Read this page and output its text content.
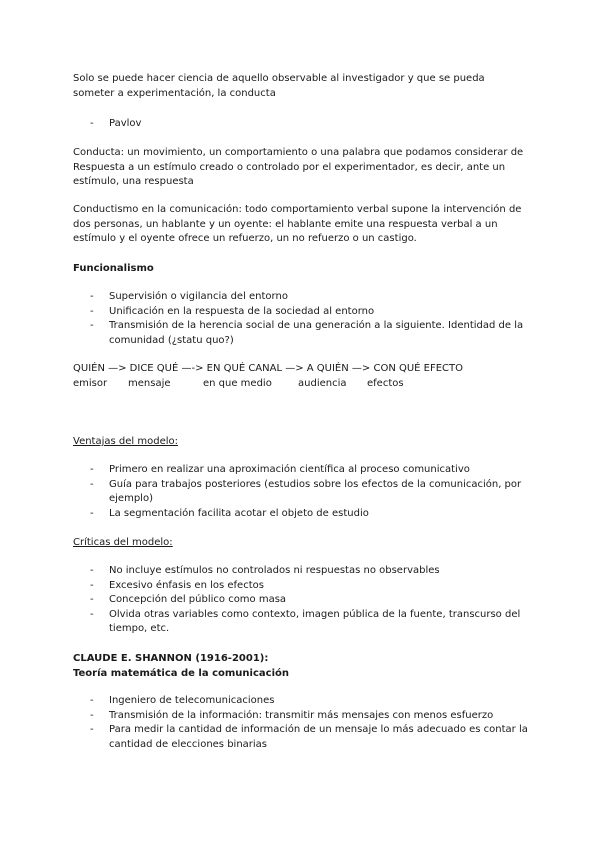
Solo se puede hacer ciencia de aquello observable al investigador y que se pueda someter a experimentación, la conducta

- Pavlov

Conducta: un movimiento, un comportamiento o una palabra que podamos considerar de Respuesta a un estímulo creado o controlado por el experimentador, es decir, ante un estímulo, una respuesta

Conductismo en la comunicación: todo comportamiento verbal supone la intervención de dos personas, un hablante y un oyente: el hablante emite una respuesta verbal a un estímulo y el oyente ofrece un refuerzo, un no refuerzo o un castigo.

Funcionalismo

- Supervisión o vigilancia del entorno
- Unificación en la respuesta de la sociedad al entorno
- Transmisión de la herencia social de una generación a la siguiente. Identidad de la comunidad (¿statu quo?)
QUIÉN —> DICE QUÉ —-> EN QUÉ CANAL —> A QUIÉN —> CON QUÉ EFECTO
emisor mensaje	en que medio	audiencia efectos

Ventajas del modelo:

- Primero en realizar una aproximación científica al proceso comunicativo
- Guía para trabajos posteriores (estudios sobre los efectos de la comunicación, por ejemplo)
- La segmentación facilita acotar el objeto de estudio

Críticas del modelo:

- No incluye estímulos no controlados ni respuestas no observables
- Excesivo énfasis en los efectos
- Concepción del público como masa
- Olvida otras variables como contexto, imagen pública de la fuente, transcurso del tiempo, etc.

CLAUDE E. SHANNON (1916-2001):
Teoría matemática de la comunicación

- Ingeniero de telecomunicaciones
- Transmisión de la información: transmitir más mensajes con menos esfuerzo
- Para medir la cantidad de información de un mensaje lo más adecuado es contar la cantidad de elecciones binarias
